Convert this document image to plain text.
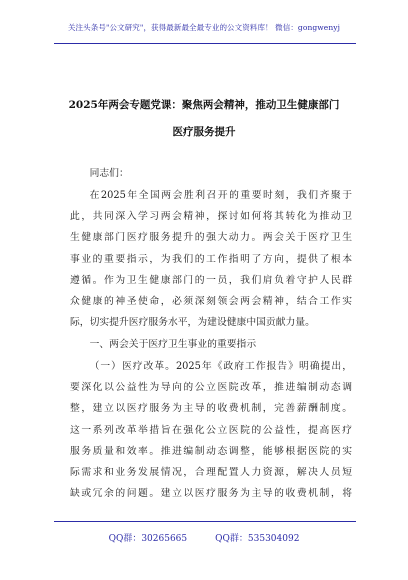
关注头条号"公文研究"，获得最新最全最专业的公文资料库！ 微信：gongwenyj
2025年两会专题党课：聚焦两会精神，推动卫生健康部门
医疗服务提升
同志们：
在2025年全国两会胜利召开的重要时刻，我们齐聚于
此，共同深入学习两会精神，探讨如何将其转化为推动卫
生健康部门医疗服务提升的强大动力。两会关于医疗卫生
事业的重要指示，为我们的工作指明了方向，提供了根本
遵循。作为卫生健康部门的一员，我们肩负着守护人民群
众健康的神圣使命，必须深刻领会两会精神，结合工作实
际，切实提升医疗服务水平，为建设健康中国贡献力量。
一、两会关于医疗卫生事业的重要指示
（一）医疗改革。2025年《政府工作报告》明确提出，
要深化以公益性为导向的公立医院改革，推进编制动态调
整，建立以医疗服务为主导的收费机制，完善薪酬制度。
这一系列改革举措旨在强化公立医院的公益性，提高医疗
服务质量和效率。推进编制动态调整，能够根据医院的实
际需求和业务发展情况，合理配置人力资源，解决人员短
缺或冗余的问题。建立以医疗服务为主导的收费机制，将
QQ群：30265665	QQ群：535304092
